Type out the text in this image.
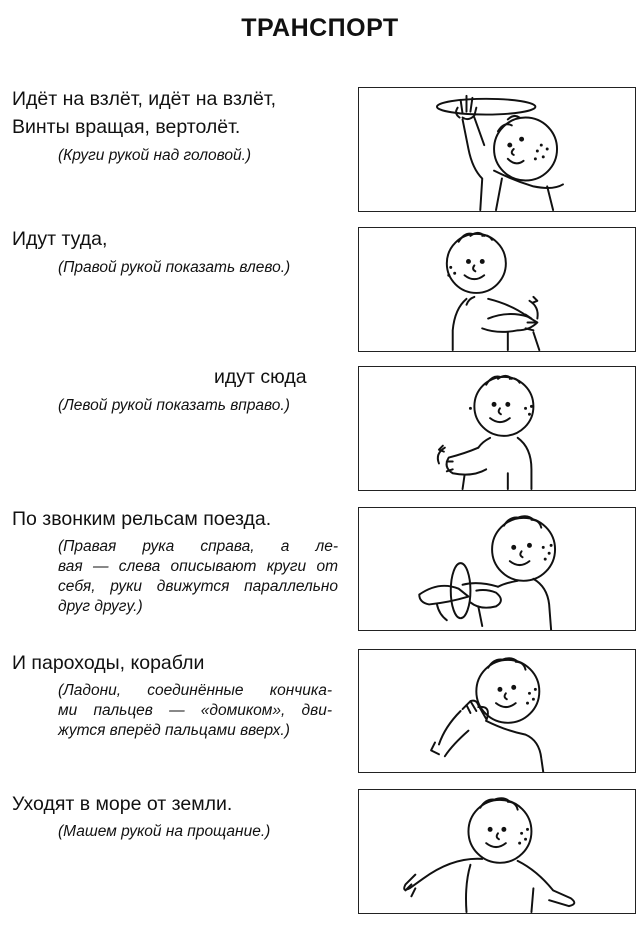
ТРАНСПОРТ
Идёт на взлёт, идёт на взлёт,
Винты вращая, вертолёт.
(Круги рукой над головой.)
Идут туда,
(Правой рукой показать влево.)
идут сюда
(Левой рукой показать вправо.)
По звонким рельсам поезда.
(Правая рука справа, а ле-
вая — слева описывают круги от
себя, руки движутся параллельно
друг другу.)
И пароходы, корабли
(Ладони, соединённые кончика-
ми пальцев — «домиком», дви-
жутся вперёд пальцами вверх.)
Уходят в море от земли.
(Машем рукой на прощание.)
